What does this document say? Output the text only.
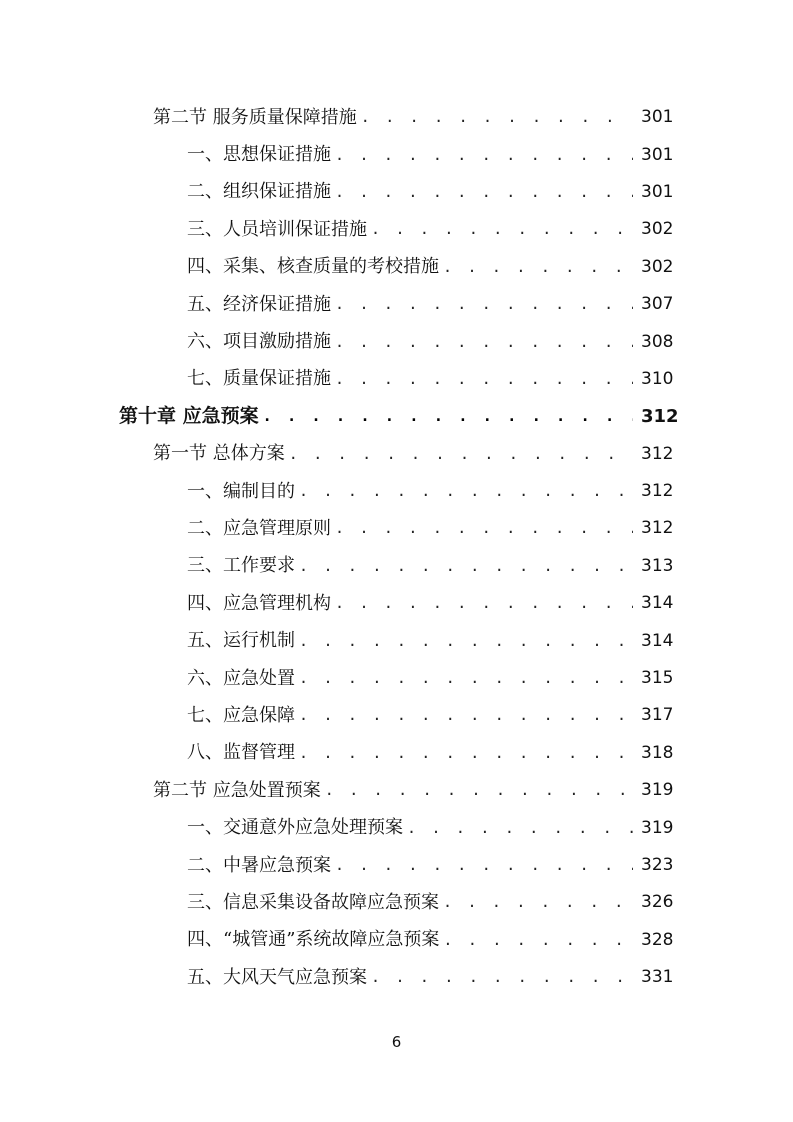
第二节 服务质量保障措施 . . .	301
一、思想保证措施 . . .	301
二、组织保证措施 . . .	301
三、人员培训保证措施 . . .	302
四、采集、核查质量的考校措施 . . .	302
五、经济保证措施 . . .	307
六、项目激励措施 . . .	308
七、质量保证措施 . . .	310
第十章 应急预案 . . .	312
第一节 总体方案 . . .	312
一、编制目的 . . .	312
二、应急管理原则 . . .	312
三、工作要求 . . .	313
四、应急管理机构 . . .	314
五、运行机制 . . .	314
六、应急处置 . . .	315
七、应急保障 . . .	317
八、监督管理 . . .	318
第二节 应急处置预案 . . .	319
一、交通意外应急处理预案 . . .	319
二、中暑应急预案 . . .	323
三、信息采集设备故障应急预案 . . .	326
四、“城管通”系统故障应急预案 . . .	328
五、大风天气应急预案 . . .	331
6
